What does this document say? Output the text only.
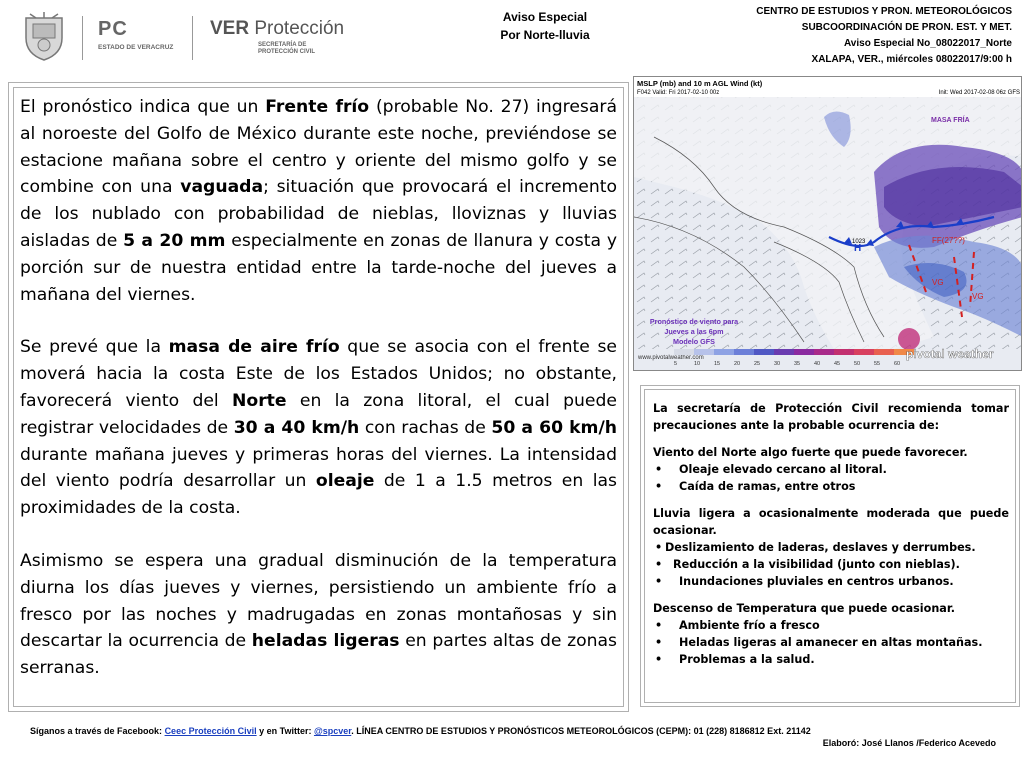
PC
ESTADO DE VERACRUZ
VER Protección
SECRETARÍA DE
PROTECCIÓN CIVIL
Aviso Especial
Por Norte-lluvia
CENTRO DE ESTUDIOS Y PRON. METEOROLÓGICOS
SUBCOORDINACIÓN DE PRON. EST. Y MET.
Aviso Especial No_08022017_Norte
XALAPA, VER., miércoles 08022017/9:00 h

El pronóstico indica que un Frente frío (probable No. 27) ingresará al noroeste del Golfo de México durante este noche, previéndose se estacione mañana sobre el centro y oriente del mismo golfo y se combine con una vaguada; situación que provocará el incremento de los nublado con probabilidad de nieblas, lloviznas y lluvias aisladas de 5 a 20 mm especialmente en zonas de llanura y costa y porción sur de nuestra entidad entre la tarde-noche del jueves a mañana del viernes.

Se prevé que la masa de aire frío que se asocia con el frente se moverá hacia la costa Este de los Estados Unidos; no obstante, favorecerá viento del Norte en la zona litoral, el cual puede registrar velocidades de 30 a 40 km/h con rachas de 50 a 60 km/h durante mañana jueves y primeras horas del viernes. La intensidad del viento podría desarrollar un oleaje de 1 a 1.5 metros en las proximidades de la costa.

Asimismo se espera una gradual disminución de la temperatura diurna los días jueves y viernes, persistiendo un ambiente frío a fresco por las noches y madrugadas en zonas montañosas y sin descartar la ocurrencia de heladas ligeras en partes altas de zonas serranas.

MSLP (mb) and 10 m AGL Wind (kt)
F042 Valid: Fri 2017-02-10 00z	Init: Wed 2017-02-08 06z GFS
MASA FRÍA
FF(27??)
H
1023
VG
VG
Pronóstico de viento para
Jueves a las 6pm
Modelo GFS
www.pivotalweather.com
5	10	15	20	25	30	35	40	45	50	55	60
pivotal weather
La secretaría de Protección Civil recomienda tomar precauciones ante la probable ocurrencia de:
Viento del Norte algo fuerte que puede favorecer.
•	Oleaje elevado cercano al litoral.
•	Caída de ramas, entre otros
Lluvia ligera a ocasionalmente moderada que puede ocasionar.
• Deslizamiento de laderas, deslaves y derrumbes.
• Reducción a la visibilidad (junto con nieblas).
•	Inundaciones pluviales en centros urbanos.
Descenso de Temperatura que puede ocasionar.
•	Ambiente frío a fresco
•	Heladas ligeras al amanecer en altas montañas.
•	Problemas a la salud.
Síganos a través de Facebook: Ceec Protección Civil y en Twitter: @spcver. LÍNEA CENTRO DE ESTUDIOS Y PRONÓSTICOS METEOROLÓGICOS (CEPM): 01 (228) 8186812 Ext. 21142
Elaboró: José Llanos /Federico Acevedo
